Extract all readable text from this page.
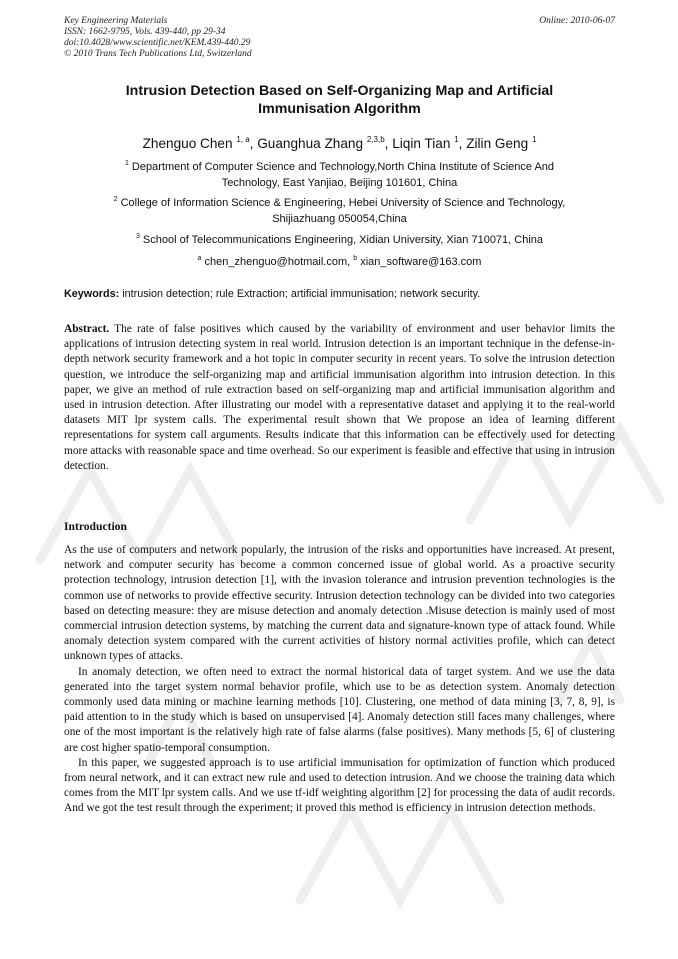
Key Engineering Materials
ISSN: 1662-9795, Vols. 439-440, pp 29-34
doi:10.4028/www.scientific.net/KEM.439-440.29
© 2010 Trans Tech Publications Ltd, Switzerland
Online: 2010-06-07
Intrusion Detection Based on Self-Organizing Map and Artificial
Immunisation Algorithm
Zhenguo Chen $^{1, a}$, Guanghua Zhang $^{2,3,b}$, Liqin Tian $^1$, Zilin Geng $^1$
$^1$ Department of Computer Science and Technology,North China Institute of Science And
Technology, East Yanjiao, Beijing 101601, China
$^2$ College of Information Science & Engineering, Hebei University of Science and Technology,
Shijiazhuang 050054,China
$^3$ School of Telecommunications Engineering, Xidian University, Xian 710071, China
$^a$ chen_zhenguo@hotmail.com, $^b$ xian_software@163.com
Keywords: intrusion detection; rule Extraction; artificial immunisation; network security.
Abstract. The rate of false positives which caused by the variability of environment and user behavior limits the applications of intrusion detecting system in real world. Intrusion detection is an important technique in the defense-in-depth network security framework and a hot topic in computer security in recent years. To solve the intrusion detection question, we introduce the self-organizing map and artificial immunisation algorithm into intrusion detection. In this paper, we give an method of rule extraction based on self-organizing map and artificial immunisation algorithm and used in intrusion detection. After illustrating our model with a representative dataset and applying it to the real-world datasets MIT lpr system calls. The experimental result shown that We propose an idea of learning different representations for system call arguments. Results indicate that this information can be effectively used for detecting more attacks with reasonable space and time overhead. So our experiment is feasible and effective that using in intrusion detection.
Introduction

As the use of computers and network popularly, the intrusion of the risks and opportunities have increased. At present, network and computer security has become a common concerned issue of global world. As a proactive security protection technology, intrusion detection [1], with the invasion tolerance and intrusion prevention technologies is the common use of networks to provide effective security. Intrusion detection technology can be divided into two categories based on detecting measure: they are misuse detection and anomaly detection .Misuse detection is mainly used of most commercial intrusion detection systems, by matching the current data and signature-known type of attack found. While anomaly detection system compared with the current activities of history normal activities profile, which can detect unknown types of attacks.

In anomaly detection, we often need to extract the normal historical data of target system. And we use the data generated into the target system normal behavior profile, which use to be as detection system. Anomaly detection commonly used data mining or machine learning methods [10]. Clustering, one method of data mining [3, 7, 8, 9], is paid attention to in the study which is based on unsupervised [4]. Anomaly detection still faces many challenges, where one of the most important is the relatively high rate of false alarms (false positives). Many methods [5, 6] of clustering are cost higher spatio-temporal consumption.

In this paper, we suggested approach is to use artificial immunisation for optimization of function which produced from neural network, and it can extract new rule and used to detection intrusion. And we choose the training data which comes from the MIT lpr system calls. And we use tf-idf weighting algorithm [2] for processing the data of audit records. And we got the test result through the experiment; it proved this method is efficiency in intrusion detection methods.
